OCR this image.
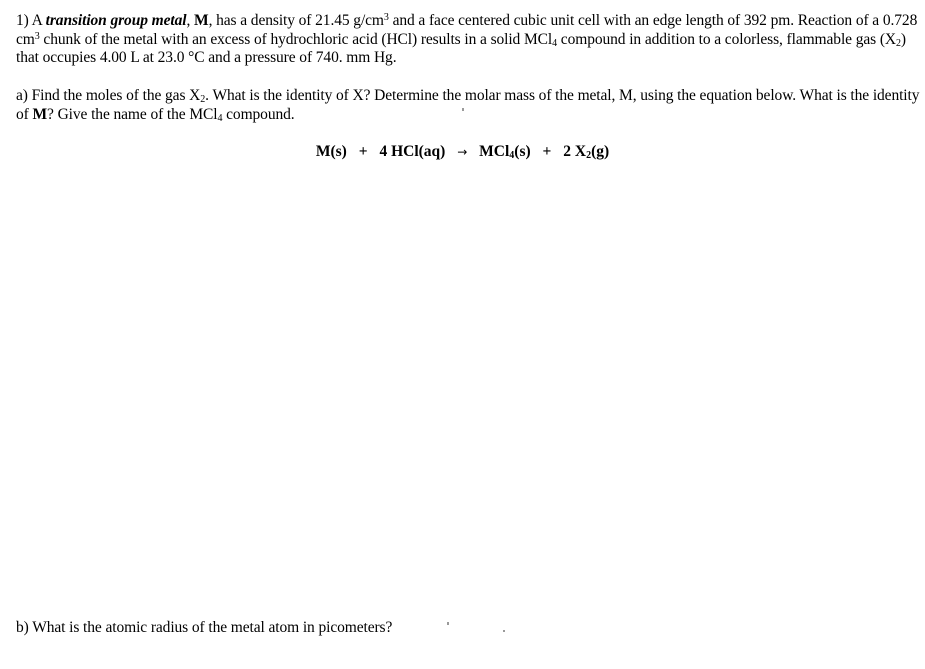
1) A transition group metal, M, has a density of 21.45 $g/cm^3$ and a face centered cubic unit cell with an edge length of 392 pm. Reaction of a 0.728 $cm^3$ chunk of the metal with an excess of hydrochloric acid (HCl) results in a solid MCl$_4$ compound in addition to a colorless, flammable gas $(X_2)$ that occupies 4.00 L at 23.0 °C and a pressure of 740. mm Hg.

a) Find the moles of the gas $X_2$. What is the identity of X? Determine the molar mass of the metal, M, using the equation below. What is the identity of M? Give the name of the MCl$_4$ compound.

M(s) + 4 HCl(aq) → MCl$_4$(s) + 2 $X_2(g)$

b) What is the atomic radius of the metal atom in picometers?
